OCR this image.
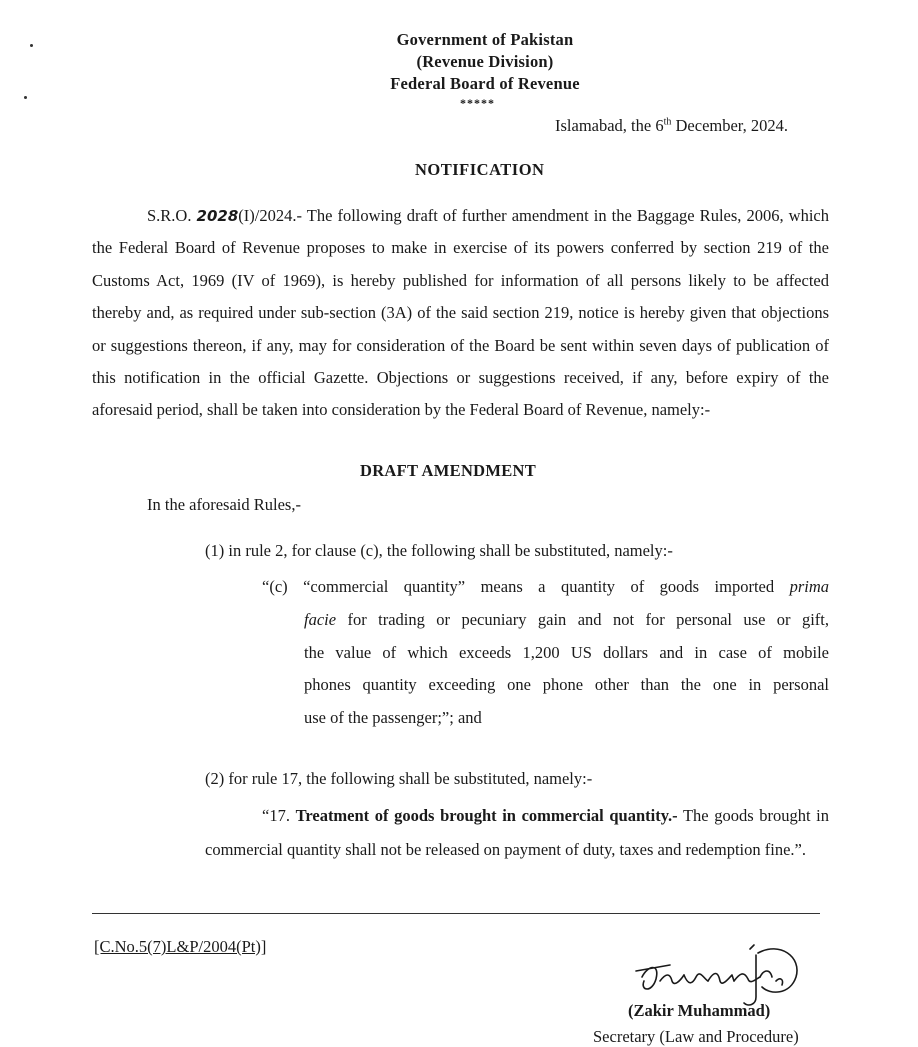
Government of Pakistan
(Revenue Division)
Federal Board of Revenue
*****
Islamabad, the 6th December, 2024.
NOTIFICATION

S.R.O. 2028(I)/2024.- The following draft of further amendment in the Baggage Rules, 2006, which the Federal Board of Revenue proposes to make in exercise of its powers conferred by section 219 of the Customs Act, 1969 (IV of 1969), is hereby published for information of all persons likely to be affected thereby and, as required under sub-section (3A) of the said section 219, notice is hereby given that objections or suggestions thereon, if any, may for consideration of the Board be sent within seven days of publication of this notification in the official Gazette. Objections or suggestions received, if any, before expiry of the aforesaid period, shall be taken into consideration by the Federal Board of Revenue, namely:-

DRAFT AMENDMENT
In the aforesaid Rules,-
(1) in rule 2, for clause (c), the following shall be substituted, namely:-
“(c) “commercial quantity” means a quantity of goods imported prima
facie for trading or pecuniary gain and not for personal use or gift,
the value of which exceeds 1,200 US dollars and in case of mobile
phones quantity exceeding one phone other than the one in personal
use of the passenger;”; and
(2) for rule 17, the following shall be substituted, namely:-

“17. Treatment of goods brought in commercial quantity.- The goods brought in commercial quantity shall not be released on payment of duty, taxes and redemption fine.”.

[C.No.5(7)L&P/2004(Pt)]
(Zakir Muhammad)
Secretary (Law and Procedure)
